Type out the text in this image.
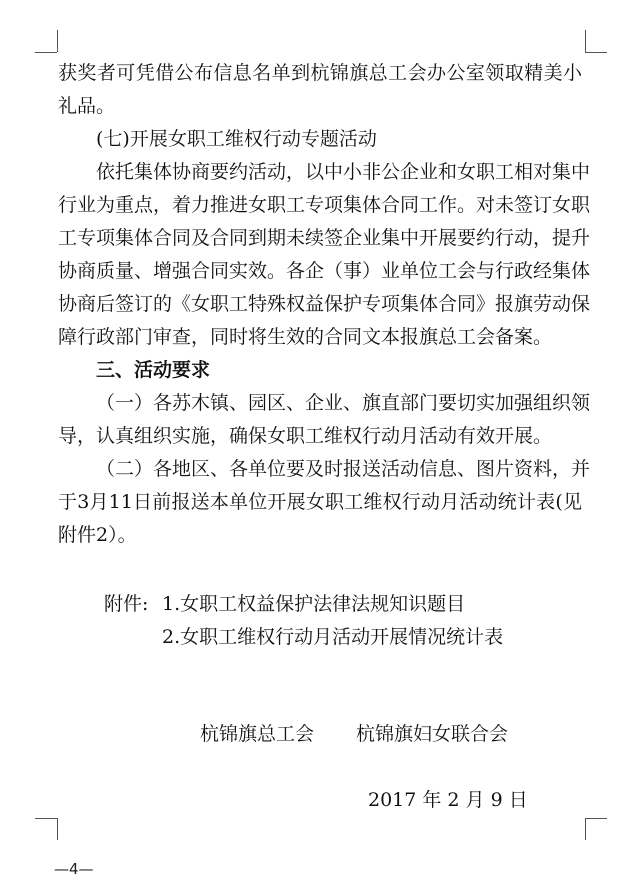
获奖者可凭借公布信息名单到杭锦旗总工会办公室领取精美小
礼品。
(七)开展女职工维权行动专题活动
依托集体协商要约活动，以中小非公企业和女职工相对集中
行业为重点，着力推进女职工专项集体合同工作。对未签订女职
工专项集体合同及合同到期未续签企业集中开展要约行动，提升
协商质量、增强合同实效。各企（事）业单位工会与行政经集体
协商后签订的《女职工特殊权益保护专项集体合同》报旗劳动保
障行政部门审查，同时将生效的合同文本报旗总工会备案。
三、活动要求
（一）各苏木镇、园区、企业、旗直部门要切实加强组织领
导，认真组织实施，确保女职工维权行动月活动有效开展。
（二）各地区、各单位要及时报送活动信息、图片资料，并
于3月11日前报送本单位开展女职工维权行动月活动统计表(见
附件2）。
附件: 1.女职工权益保护法律法规知识题目
2.女职工维权行动月活动开展情况统计表
杭锦旗总工会	杭锦旗妇女联合会
2017 年 2 月 9 日
—4—
